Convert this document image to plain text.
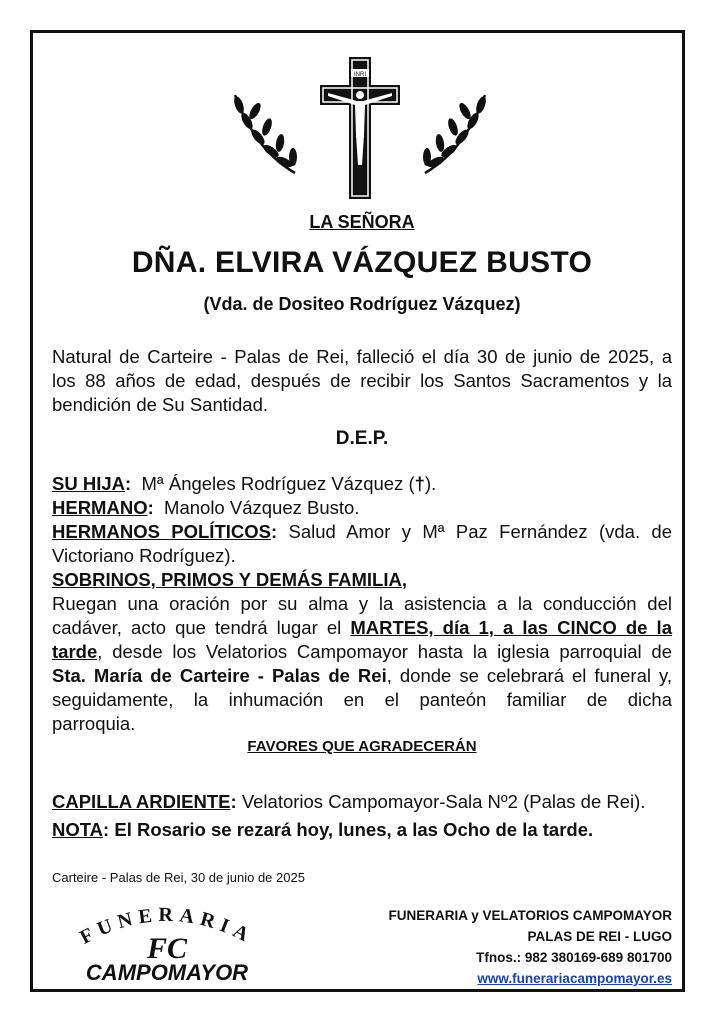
INRI
LA SEÑORA
DÑA. ELVIRA VÁZQUEZ BUSTO
(Vda. de Dositeo Rodríguez Vázquez)

Natural de Carteire - Palas de Rei, falleció el día 30 de junio de 2025, a

los 88 años de edad, después de recibir los Santos Sacramentos y la

bendición de Su Santidad.

D.E.P.

SU HIJA: Mª Ángeles Rodríguez Vázquez (†).

HERMANO: Manolo Vázquez Busto.

HERMANOS POLÍTICOS: Salud Amor y Mª Paz Fernández (vda. de

Victoriano Rodríguez).

SOBRINOS, PRIMOS Y DEMÁS FAMILIA,

Ruegan una oración por su alma y la asistencia a la conducción del

cadáver, acto que tendrá lugar el MARTES, día 1, a las CINCO de la

tarde, desde los Velatorios Campomayor hasta la iglesia parroquial de

Sta. María de Carteire - Palas de Rei, donde se celebrará el funeral y,

seguidamente, la inhumación en el panteón familiar de dicha

parroquia.

FAVORES QUE AGRADECERÁN
CAPILLA ARDIENTE: Velatorios Campomayor-Sala Nº2 (Palas de Rei).
NOTA: El Rosario se rezará hoy, lunes, a las Ocho de la tarde.
Carteire - Palas de Rei, 30 de junio de 2025
FUNERARIA
FC
CAMPOMAYOR
FUNERARIA y VELATORIOS CAMPOMAYOR
PALAS DE REI - LUGO
Tfnos.: 982 380169-689 801700
www.funerariacampomayor.es
